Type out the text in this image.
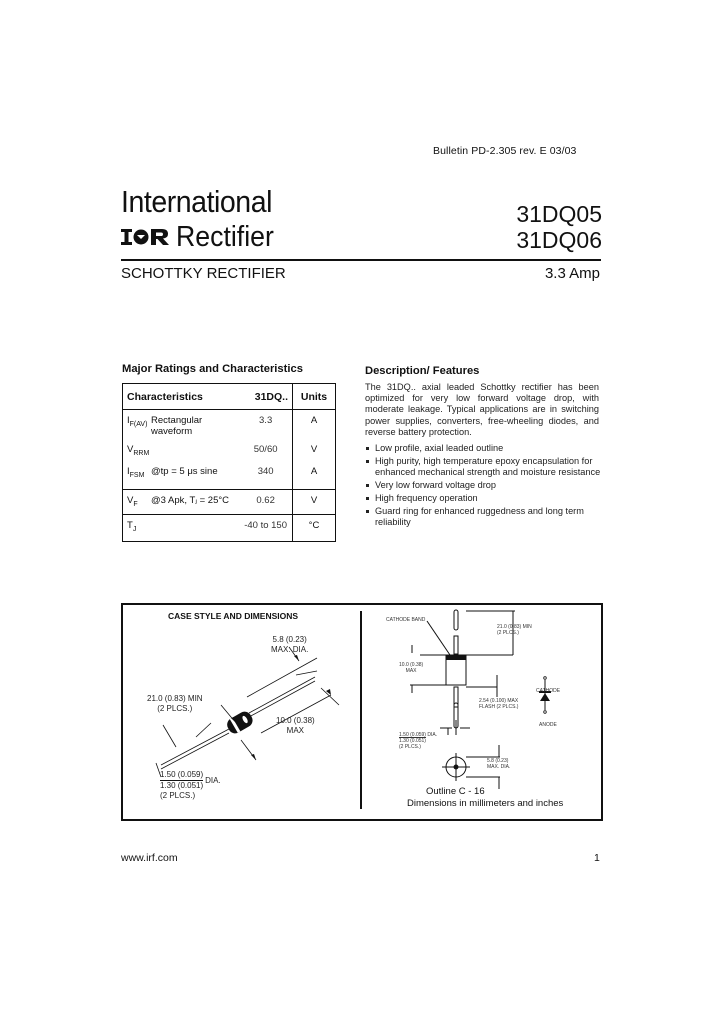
Bulletin PD-2.305 rev. E 03/03
International
Rectifier
31DQ05
31DQ06
SCHOTTKY RECTIFIER	3.3 Amp
Major Ratings and Characteristics
Characteristics	31DQ..	Units
$I_{F(AV)}$ Rectangular waveform	3.3	A
$V_{RRM}$	50/60	V
$I_{FSM}$ @tp = 5 μs sine	340	A
$V_F$ @3 Apk, Tⱼ = 25°C	0.62	V
$T_J$	-40 to 150	°C
Description/ Features
The 31DQ.. axial leaded Schottky rectifier has been optimized for very low forward voltage drop, with moderate leakage. Typical applications are in switching power supplies, converters, free-wheeling diodes, and reverse battery protection.
Low profile, axial leaded outline
High purity, high temperature epoxy encapsulation for enhanced mechanical strength and moisture resistance
Very low forward voltage drop
High frequency operation
Guard ring for enhanced ruggedness and long term reliability
CASE STYLE AND DIMENSIONS
5.8 (0.23)
MAX. DIA.
21.0 (0.83) MIN
(2 PLCS.)
10.0 (0.38)
MAX
1.50 (0.059)
1.30 (0.051)
DIA.
(2 PLCS.)
CATHODE BAND
21.0 (0.83) MIN
(2 PLCS.)
10.0 (0.38)
MAX
2.54 (0.100) MAX
FLASH (2 PLCS.)
1.50 (0.059) DIA.
1.30 (0.051)
(2 PLCS.)
5.8 (0.23)
MAX. DIA.
CATHODE
ANODE
Outline C - 16
Dimensions in millimeters and inches
www.irf.com	1
